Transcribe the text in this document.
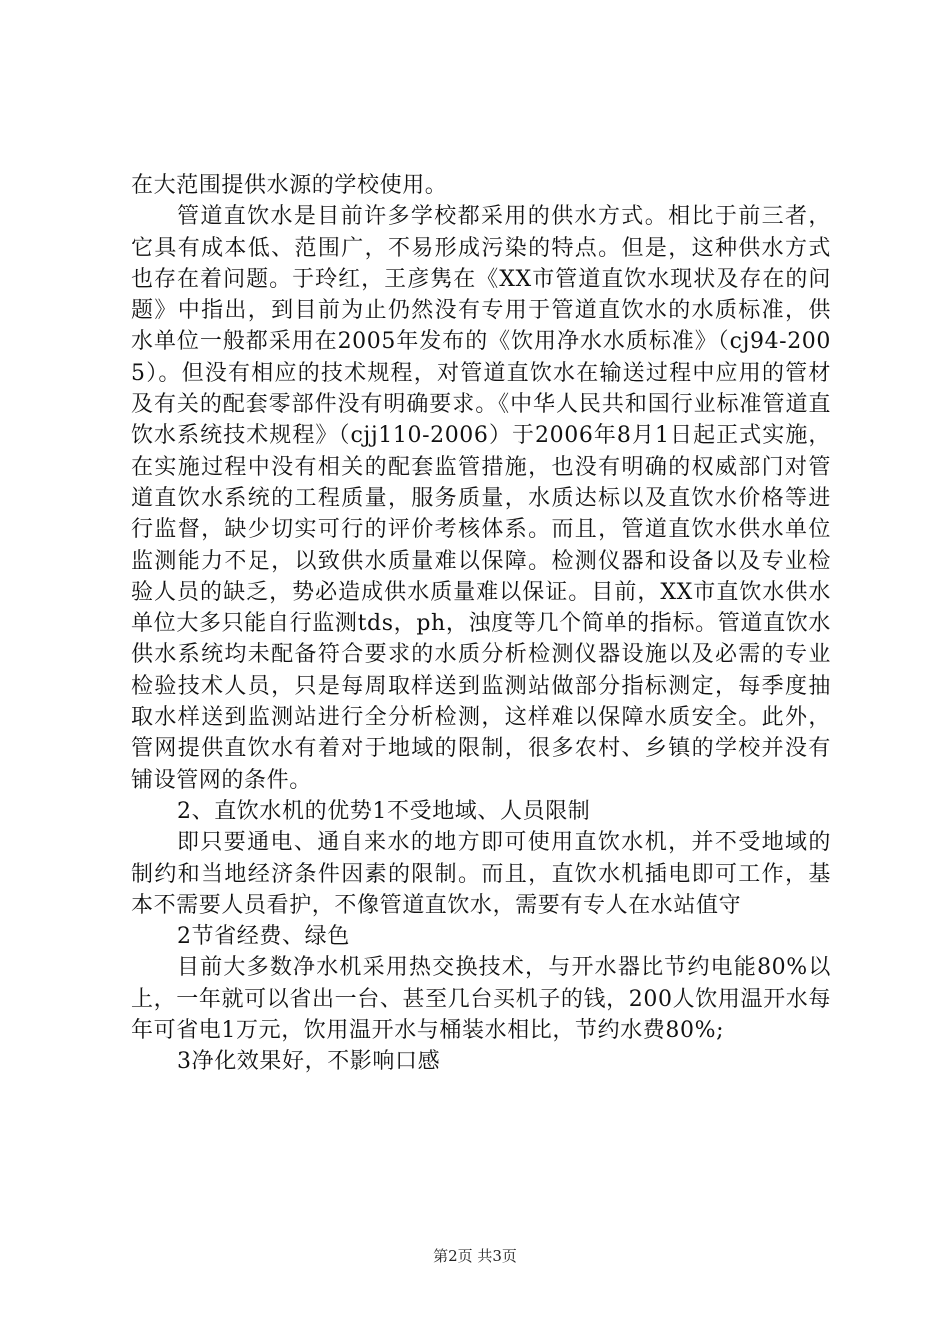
在大范围提供水源的学校使用。

管道直饮水是目前许多学校都采用的供水方式。相比于前三者，它具有成本低、范围广，不易形成污染的特点。但是，这种供水方式也存在着问题。于玲红，王彦隽在《XX市管道直饮水现状及存在的问题》中指出，到目前为止仍然没有专用于管道直饮水的水质标准，供水单位一般都采用在2005年发布的《饮用净水水质标准》（cj94-2005）。但没有相应的技术规程，对管道直饮水在输送过程中应用的管材及有关的配套零部件没有明确要求。《中华人民共和国行业标准管道直饮水系统技术规程》（cjj110-2006）于2006年8月1日起正式实施，在实施过程中没有相关的配套监管措施，也没有明确的权威部门对管道直饮水系统的工程质量，服务质量，水质达标以及直饮水价格等进行监督，缺少切实可行的评价考核体系。而且，管道直饮水供水单位监测能力不足，以致供水质量难以保障。检测仪器和设备以及专业检验人员的缺乏，势必造成供水质量难以保证。目前，XX市直饮水供水单位大多只能自行监测tds，ph，浊度等几个简单的指标。管道直饮水供水系统均未配备符合要求的水质分析检测仪器设施以及必需的专业检验技术人员，只是每周取样送到监测站做部分指标测定，每季度抽取水样送到监测站进行全分析检测，这样难以保障水质安全。此外，管网提供直饮水有着对于地域的限制，很多农村、乡镇的学校并没有铺设管网的条件。

2、直饮水机的优势1不受地域、人员限制

即只要通电、通自来水的地方即可使用直饮水机，并不受地域的制约和当地经济条件因素的限制。而且，直饮水机插电即可工作，基本不需要人员看护，不像管道直饮水，需要有专人在水站值守

2节省经费、绿色

目前大多数净水机采用热交换技术，与开水器比节约电能80%以上，一年就可以省出一台、甚至几台买机子的钱，200人饮用温开水每年可省电1万元，饮用温开水与桶装水相比，节约水费80%;

3净化效果好，不影响口感

第2页 共3页
